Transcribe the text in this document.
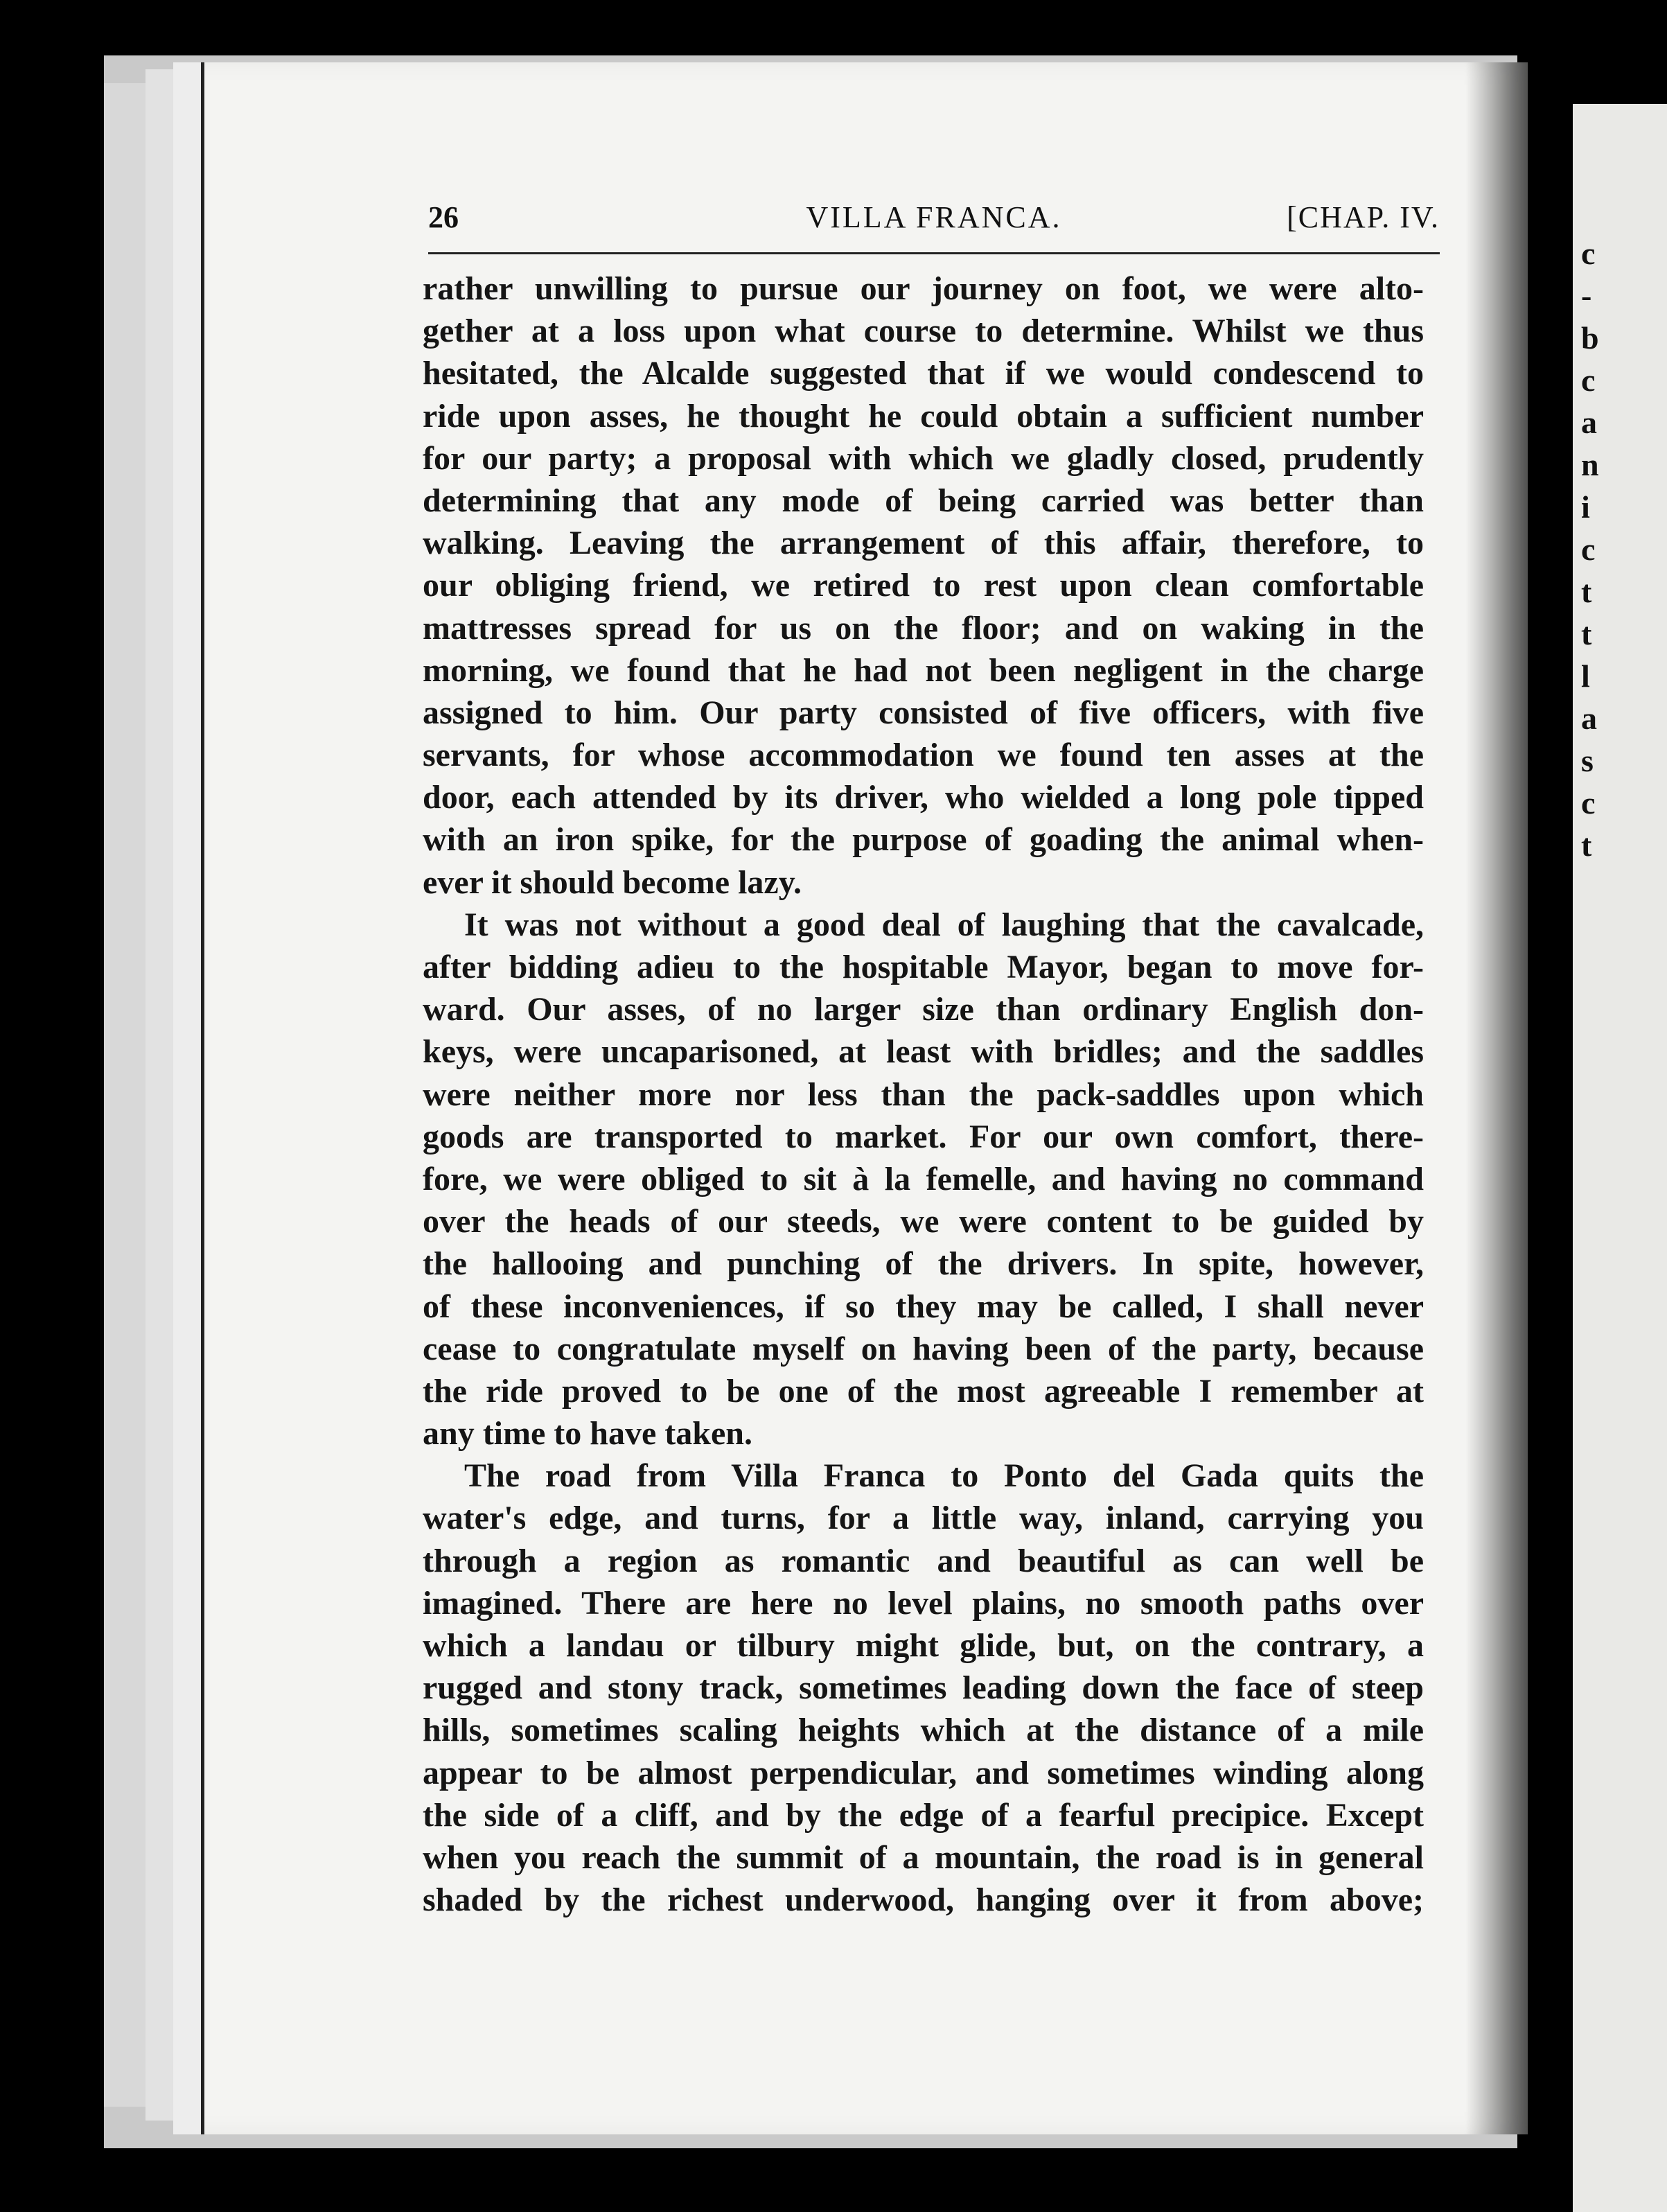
c
-
b
c
a
n
i
c
t
t
l
a
s
c
t
VILLA FRANCA.
26	[CHAP. IV.
rather unwilling to pursue our journey on foot, we were alto-
gether at a loss upon what course to determine. Whilst we thus
hesitated, the Alcalde suggested that if we would condescend to
ride upon asses, he thought he could obtain a sufficient number
for our party; a proposal with which we gladly closed, prudently
determining that any mode of being carried was better than
walking. Leaving the arrangement of this affair, therefore, to
our obliging friend, we retired to rest upon clean comfortable
mattresses spread for us on the floor; and on waking in the
morning, we found that he had not been negligent in the charge
assigned to him. Our party consisted of five officers, with five
servants, for whose accommodation we found ten asses at the
door, each attended by its driver, who wielded a long pole tipped
with an iron spike, for the purpose of goading the animal when-
ever it should become lazy.
It was not without a good deal of laughing that the cavalcade,
after bidding adieu to the hospitable Mayor, began to move for-
ward. Our asses, of no larger size than ordinary English don-
keys, were uncaparisoned, at least with bridles; and the saddles
were neither more nor less than the pack-saddles upon which
goods are transported to market. For our own comfort, there-
fore, we were obliged to sit à la femelle, and having no command
over the heads of our steeds, we were content to be guided by
the hallooing and punching of the drivers. In spite, however,
of these inconveniences, if so they may be called, I shall never
cease to congratulate myself on having been of the party, because
the ride proved to be one of the most agreeable I remember at
any time to have taken.
The road from Villa Franca to Ponto del Gada quits the
water's edge, and turns, for a little way, inland, carrying you
through a region as romantic and beautiful as can well be
imagined. There are here no level plains, no smooth paths over
which a landau or tilbury might glide, but, on the contrary, a
rugged and stony track, sometimes leading down the face of steep
hills, sometimes scaling heights which at the distance of a mile
appear to be almost perpendicular, and sometimes winding along
the side of a cliff, and by the edge of a fearful precipice. Except
when you reach the summit of a mountain, the road is in general
shaded by the richest underwood, hanging over it from above;
